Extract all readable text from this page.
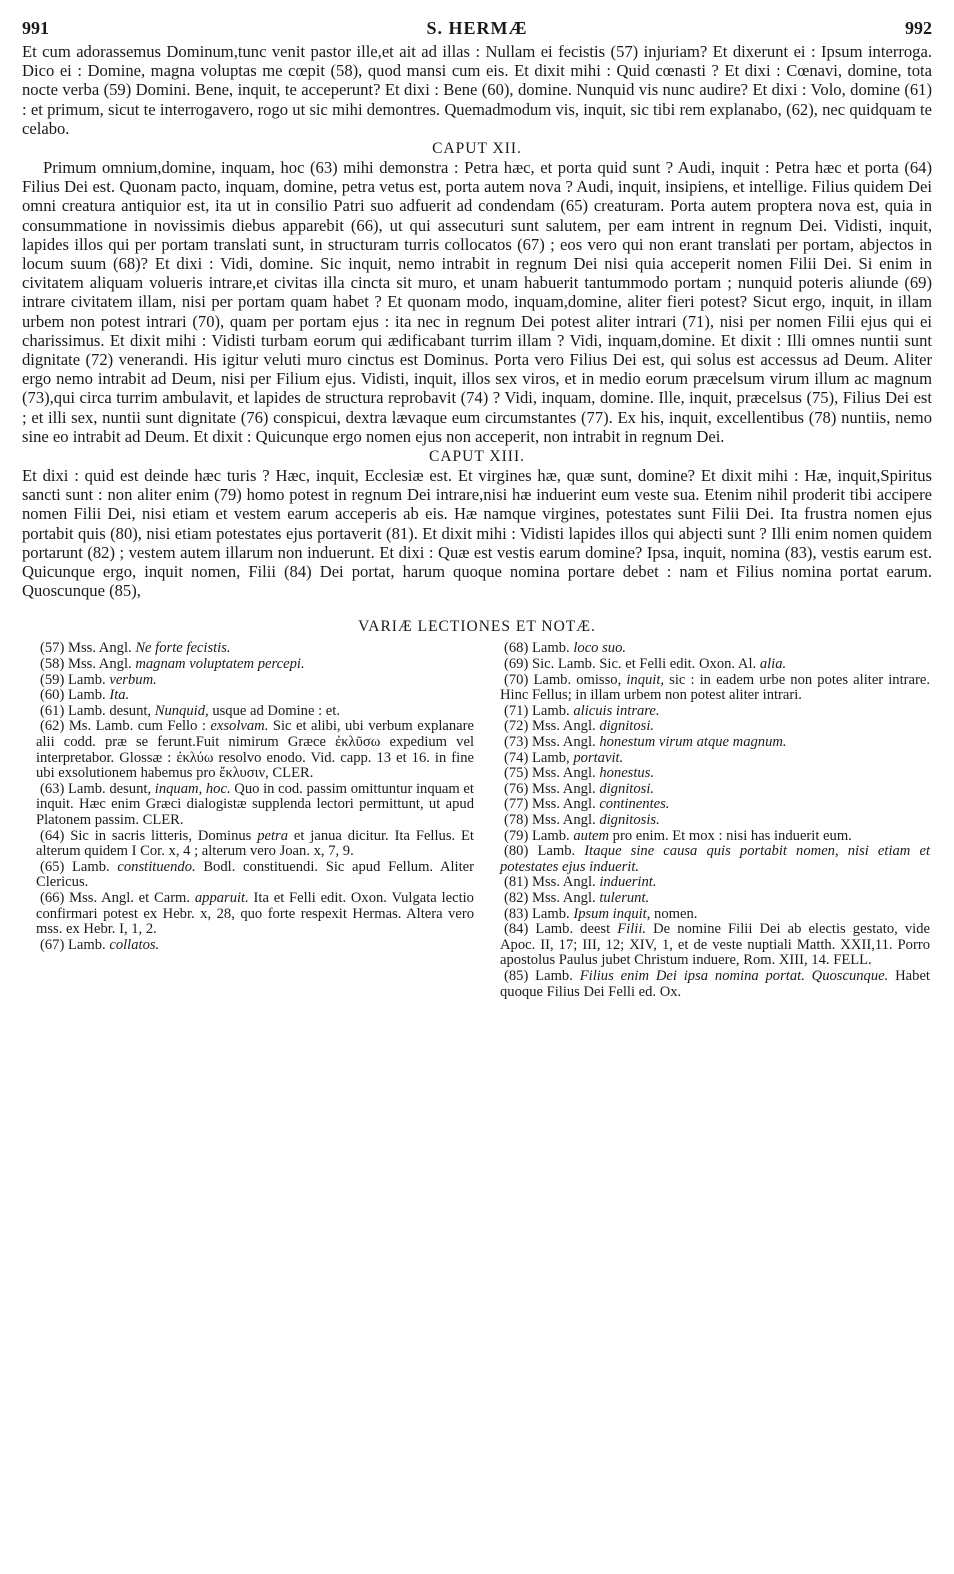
991	S. HERMÆ	992

Et cum adorassemus Dominum,tunc venit pastor ille,et ait ad illas : Nullam ei fecistis (57) injuriam? Et dixerunt ei : Ipsum interroga. Dico ei : Domine, magna voluptas me cœpit (58), quod mansi cum eis. Et dixit mihi : Quid cœnasti ? Et dixi : Cœnavi, domine, tota nocte verba (59) Domini. Bene, inquit, te acceperunt? Et dixi : Bene (60), domine. Nunquid vis nunc audire? Et dixi : Volo, domine (61) : et primum, sicut te interrogavero, rogo ut sic mihi demontres. Quemadmodum vis, inquit, sic tibi rem explanabo, (62), nec quidquam te celabo.

CAPUT XII.

Primum omnium,domine, inquam, hoc (63) mihi demonstra : Petra hæc, et porta quid sunt ? Audi, inquit : Petra hæc et porta (64) Filius Dei est. Quonam pacto, inquam, domine, petra vetus est, porta autem nova ? Audi, inquit, insipiens, et intellige. Filius quidem Dei omni creatura antiquior est, ita ut in consilio Patri suo adfuerit ad condendam (65) creaturam. Porta autem proptera nova est, quia in consummatione in novissimis diebus apparebit (66), ut qui assecuturi sunt salutem, per eam intrent in regnum Dei. Vidisti, inquit, lapides illos qui per portam translati sunt, in structuram turris collocatos (67) ; eos vero qui non erant translati per portam, abjectos in locum suum (68)? Et dixi : Vidi, domine. Sic inquit, nemo intrabit in regnum Dei nisi quia acceperit nomen Filii Dei. Si enim in civitatem aliquam volueris intrare,et civitas illa cincta sit muro, et unam habuerit tantummodo portam ; nunquid poteris aliunde (69) intrare civitatem illam, nisi per portam quam habet ? Et quonam modo, inquam,domine, aliter fieri potest? Sicut ergo, inquit, in illam urbem non potest intrari (70), quam per portam ejus : ita nec in regnum Dei potest aliter intrari (71), nisi per nomen Filii ejus qui ei charissimus. Et dixit mihi : Vidisti turbam eorum qui ædificabant turrim illam ? Vidi, inquam,domine. Et dixit : Illi omnes nuntii sunt dignitate (72) venerandi. His igitur veluti muro cinctus est Dominus. Porta vero Filius Dei est, qui solus est accessus ad Deum. Aliter ergo nemo intrabit ad Deum, nisi per Filium ejus. Vidisti, inquit, illos sex viros, et in medio eorum præcelsum virum illum ac magnum (73),qui circa turrim ambulavit, et lapides de structura reprobavit (74) ? Vidi, inquam, domine. Ille, inquit, præcelsus (75), Filius Dei est ; et illi sex, nuntii sunt dignitate (76) conspicui, dextra lævaque eum circumstantes (77). Ex his, inquit, excellentibus (78) nuntiis, nemo sine eo intrabit ad Deum. Et dixit : Quicunque ergo nomen ejus non acceperit, non intrabit in regnum Dei.

CAPUT XIII.

Et dixi : quid est deinde hæc turis ? Hæc, inquit, Ecclesiæ est. Et virgines hæ, quæ sunt, domine? Et dixit mihi : Hæ, inquit,Spiritus sancti sunt : non aliter enim (79) homo potest in regnum Dei intrare,nisi hæ induerint eum veste sua. Etenim nihil proderit tibi accipere nomen Filii Dei, nisi etiam et vestem earum acceperis ab eis. Hæ namque virgines, potestates sunt Filii Dei. Ita frustra nomen ejus portabit quis (80), nisi etiam potestates ejus portaverit (81). Et dixit mihi : Vidisti lapides illos qui abjecti sunt ? Illi enim nomen quidem portarunt (82) ; vestem autem illarum non induerunt. Et dixi : Quæ est vestis earum domine? Ipsa, inquit, nomina (83), vestis earum est. Quicunque ergo, inquit nomen, Filii (84) Dei portat, harum quoque nomina portare debet : nam et Filius nomina portat earum. Quoscunque (85),

VARIÆ LECTIONES ET NOTÆ.

(57) Mss. Angl. Ne forte fecistis.

(58) Mss. Angl. magnam voluptatem percepi.

(59) Lamb. verbum.

(60) Lamb. Ita.

(61) Lamb. desunt, Nunquid, usque ad Domine : et.

(62) Ms. Lamb. cum Fello : exsolvam. Sic et alibi, ubi verbum explanare alii codd. præ se ferunt.Fuit nimirum Græce ἐκλῦσω expedium vel interpretabor. Glossæ : ἐκλύω resolvo enodo. Vid. capp. 13 et 16. in fine ubi exsolutionem habemus pro ἔκλυσιν, CLER.

(63) Lamb. desunt, inquam, hoc. Quo in cod. passim omittuntur inquam et inquit. Hæc enim Græci dialogistæ supplenda lectori permittunt, ut apud Platonem passim. CLER.

(64) Sic in sacris litteris, Dominus petra et janua dicitur. Ita Fellus. Et alterum quidem I Cor. x, 4 ; alterum vero Joan. x, 7, 9.

(65) Lamb. constituendo. Bodl. constituendi. Sic apud Fellum. Aliter Clericus.

(66) Mss. Angl. et Carm. apparuit. Ita et Felli edit. Oxon. Vulgata lectio confirmari potest ex Hebr. x, 28, quo forte respexit Hermas. Altera vero mss. ex Hebr. I, 1, 2.

(67) Lamb. collatos.

(68) Lamb. loco suo.

(69) Sic. Lamb. Sic. et Felli edit. Oxon. Al. alia.

(70) Lamb. omisso, inquit, sic : in eadem urbe non potes aliter intrare. Hinc Fellus; in illam urbem non potest aliter intrari.

(71) Lamb. alicuis intrare.

(72) Mss. Angl. dignitosi.

(73) Mss. Angl. honestum virum atque magnum.

(74) Lamb, portavit.

(75) Mss. Angl. honestus.

(76) Mss. Angl. dignitosi.

(77) Mss. Angl. continentes.

(78) Mss. Angl. dignitosis.

(79) Lamb. autem pro enim. Et mox : nisi has induerit eum.

(80) Lamb. Itaque sine causa quis portabit nomen, nisi etiam et potestates ejus induerit.

(81) Mss. Angl. induerint.

(82) Mss. Angl. tulerunt.

(83) Lamb. Ipsum inquit, nomen.

(84) Lamb. deest Filii. De nomine Filii Dei ab electis gestato, vide Apoc. II, 17; III, 12; XIV, 1, et de veste nuptiali Matth. XXII,11. Porro apostolus Paulus jubet Christum induere, Rom. XIII, 14. FELL.

(85) Lamb. Filius enim Dei ipsa nomina portat. Quoscunque. Habet quoque Filius Dei Felli ed. Ox.
